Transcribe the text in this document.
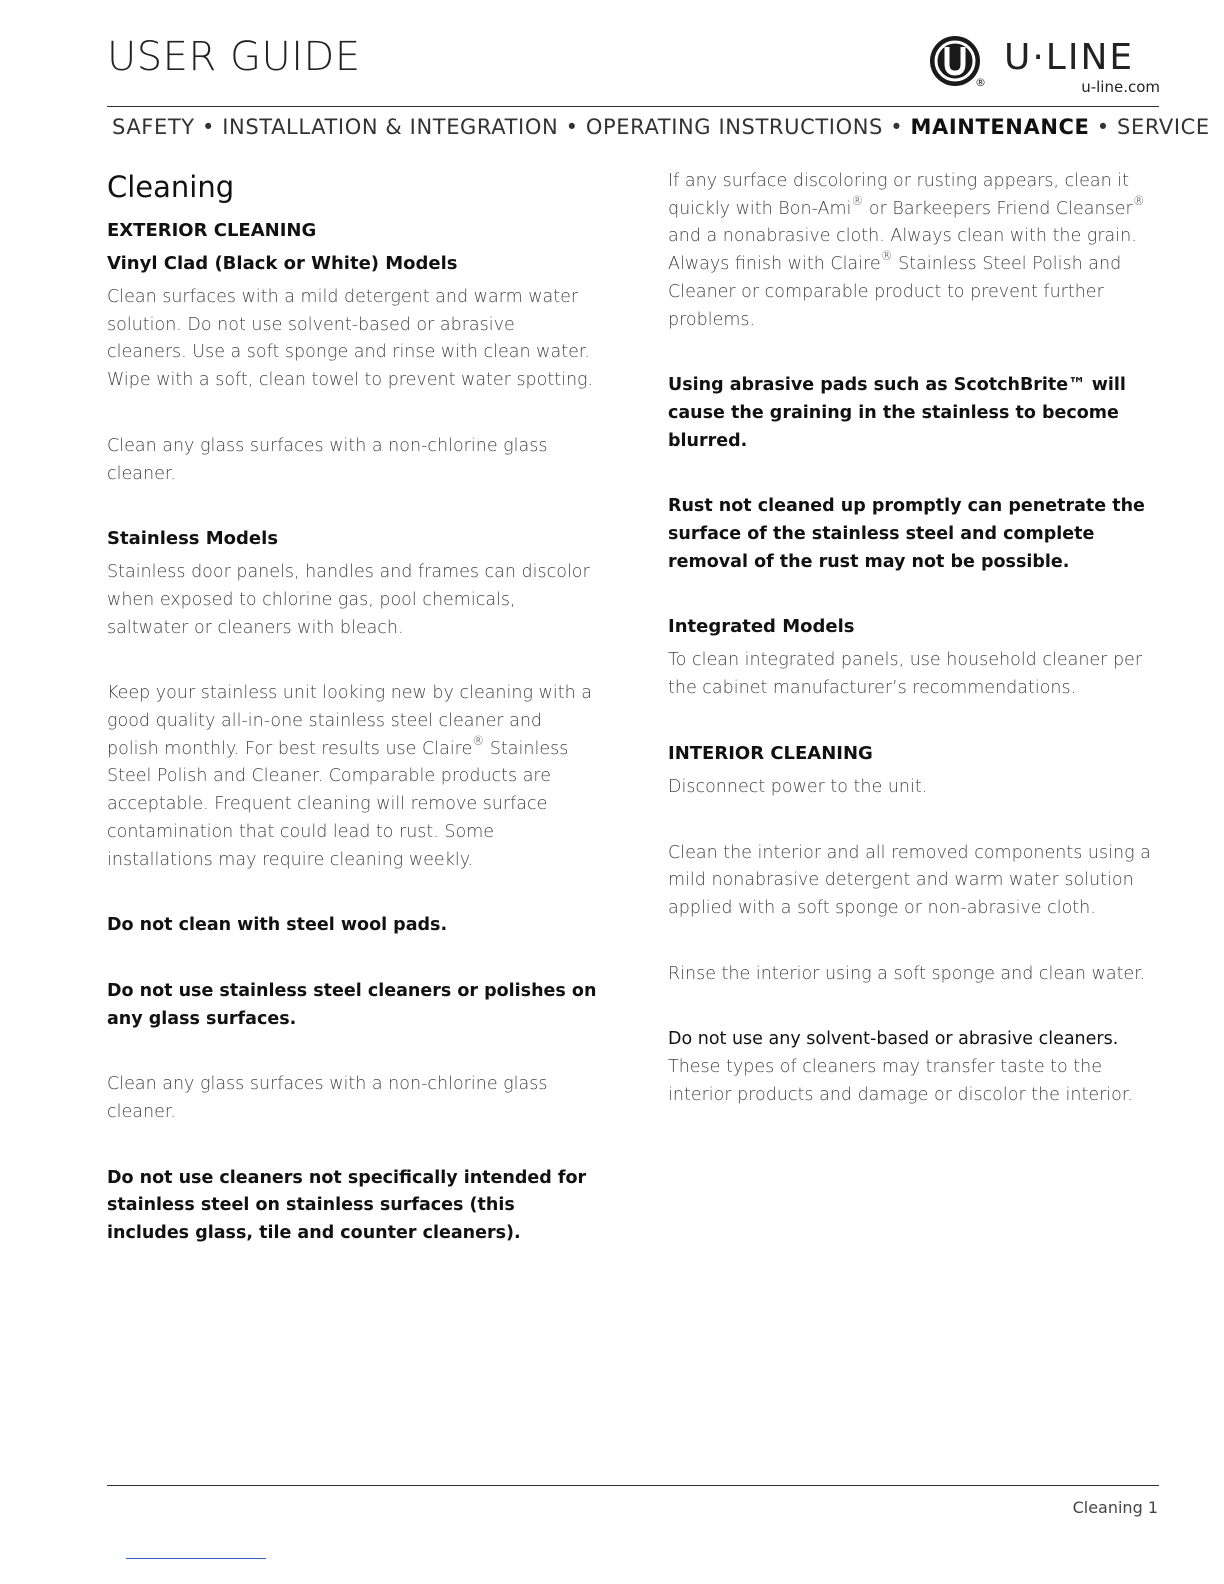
USER GUIDE
®
U·LINE
u-line.com
SAFETY • INSTALLATION & INTEGRATION • OPERATING INSTRUCTIONS • MAINTENANCE • SERVICE
Cleaning
EXTERIOR CLEANING
Vinyl Clad (Black or White) Models

Clean surfaces with a mild detergent and warm water solution. Do not use solvent-based or abrasive cleaners. Use a soft sponge and rinse with clean water. Wipe with a soft, clean towel to prevent water spotting.

Clean any glass surfaces with a non-chlorine glass cleaner.

Stainless Models

Stainless door panels, handles and frames can discolor when exposed to chlorine gas, pool chemicals, saltwater or cleaners with bleach.

Keep your stainless unit looking new by cleaning with a good quality all-in-one stainless steel cleaner and polish monthly. For best results use Claire® Stainless Steel Polish and Cleaner. Comparable products are acceptable. Frequent cleaning will remove surface contamination that could lead to rust. Some installations may require cleaning weekly.

Do not clean with steel wool pads.

Do not use stainless steel cleaners or polishes on any glass surfaces.

Clean any glass surfaces with a non-chlorine glass cleaner.

Do not use cleaners not specifically intended for stainless steel on stainless surfaces (this includes glass, tile and counter cleaners).

If any surface discoloring or rusting appears, clean it quickly with Bon-Ami® or Barkeepers Friend Cleanser® and a nonabrasive cloth. Always clean with the grain. Always finish with Claire® Stainless Steel Polish and Cleaner or comparable product to prevent further problems.

Using abrasive pads such as ScotchBrite™ will cause the graining in the stainless to become blurred.

Rust not cleaned up promptly can penetrate the surface of the stainless steel and complete removal of the rust may not be possible.

Integrated Models

To clean integrated panels, use household cleaner per the cabinet manufacturer’s recommendations.

INTERIOR CLEANING

Disconnect power to the unit.

Clean the interior and all removed components using a mild nonabrasive detergent and warm water solution applied with a soft sponge or non-abrasive cloth.

Rinse the interior using a soft sponge and clean water.

Do not use any solvent-based or abrasive cleaners. These types of cleaners may transfer taste to the interior products and damage or discolor the interior.

Cleaning 1
